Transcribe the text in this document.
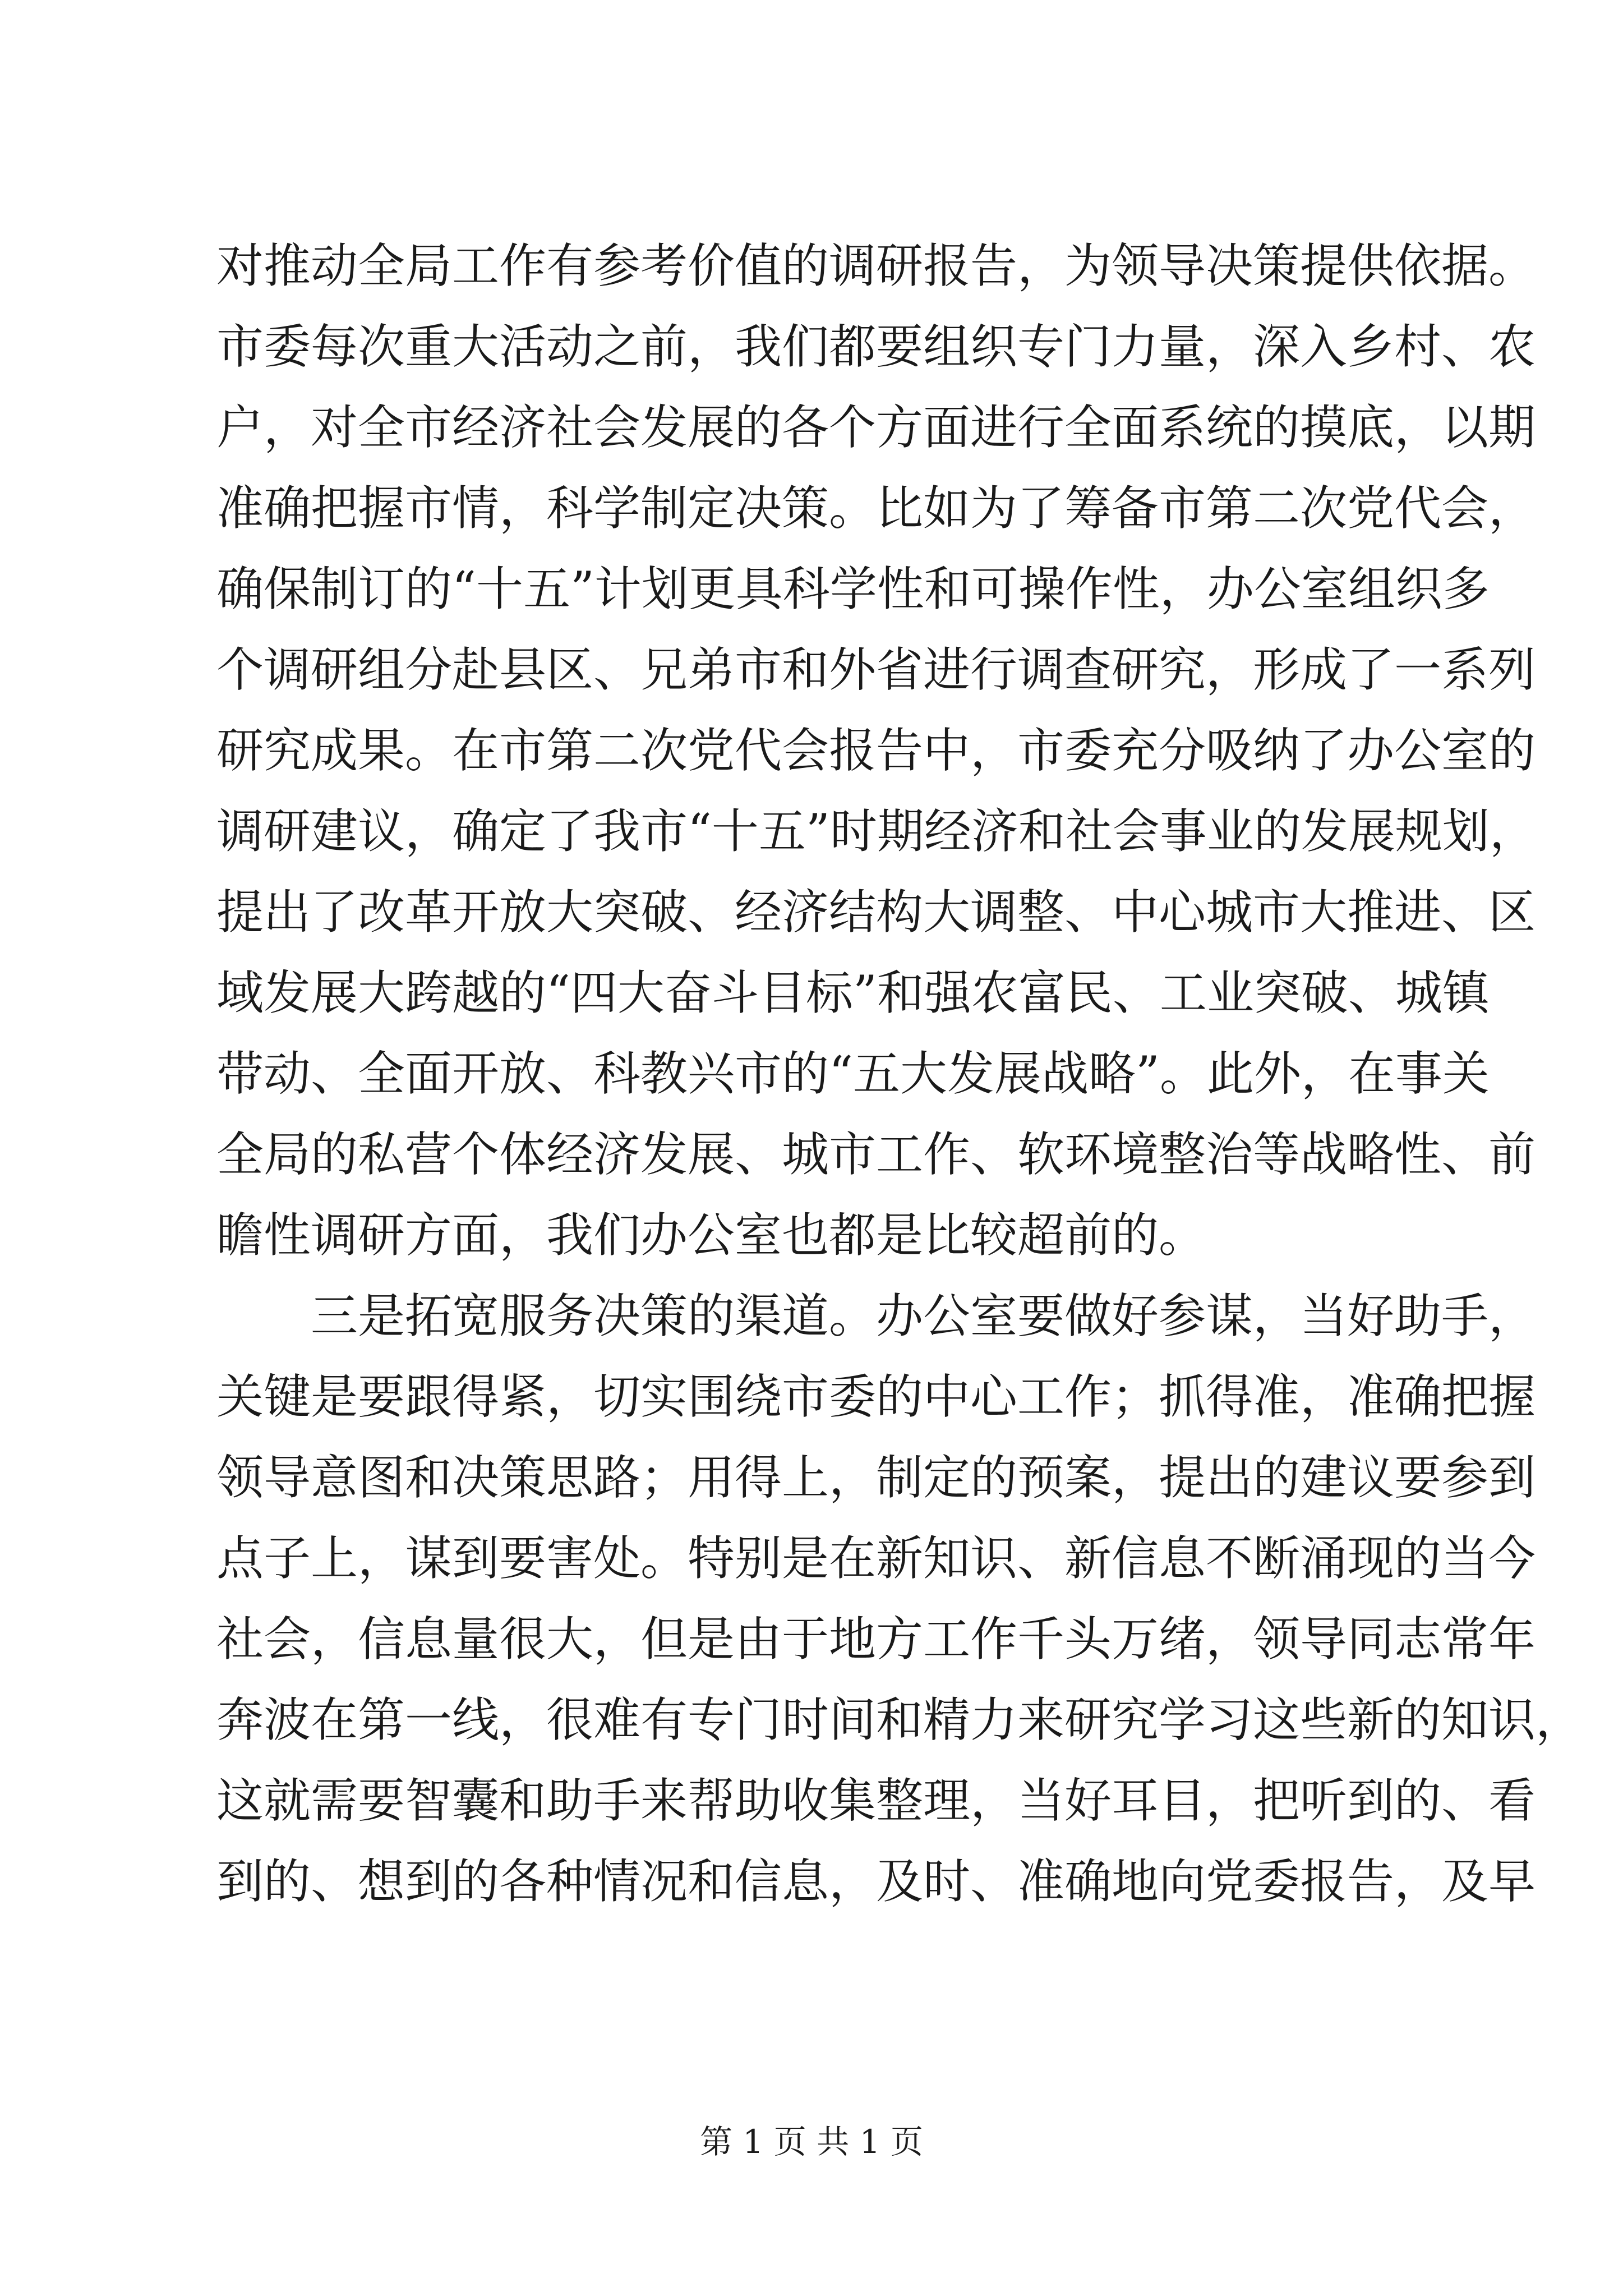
对推动全局工作有参考价值的调研报告，为领导决策提供依据。
市委每次重大活动之前，我们都要组织专门力量，深入乡村、农
户，对全市经济社会发展的各个方面进行全面系统的摸底，以期
准确把握市情，科学制定决策。比如为了筹备市第二次党代会，
确保制订的“十五”计划更具科学性和可操作性，办公室组织多
个调研组分赴县区、兄弟市和外省进行调查研究，形成了一系列
研究成果。在市第二次党代会报告中，市委充分吸纳了办公室的
调研建议，确定了我市“十五”时期经济和社会事业的发展规划，
提出了改革开放大突破、经济结构大调整、中心城市大推进、区
域发展大跨越的“四大奋斗目标”和强农富民、工业突破、城镇
带动、全面开放、科教兴市的“五大发展战略”。此外，在事关
全局的私营个体经济发展、城市工作、软环境整治等战略性、前
瞻性调研方面，我们办公室也都是比较超前的。
三是拓宽服务决策的渠道。办公室要做好参谋，当好助手，
关键是要跟得紧，切实围绕市委的中心工作；抓得准，准确把握
领导意图和决策思路；用得上，制定的预案，提出的建议要参到
点子上，谋到要害处。特别是在新知识、新信息不断涌现的当今
社会，信息量很大，但是由于地方工作千头万绪，领导同志常年
奔波在第一线，很难有专门时间和精力来研究学习这些新的知识，
这就需要智囊和助手来帮助收集整理，当好耳目，把听到的、看
到的、想到的各种情况和信息，及时、准确地向党委报告，及早
第 1 页 共 1 页
